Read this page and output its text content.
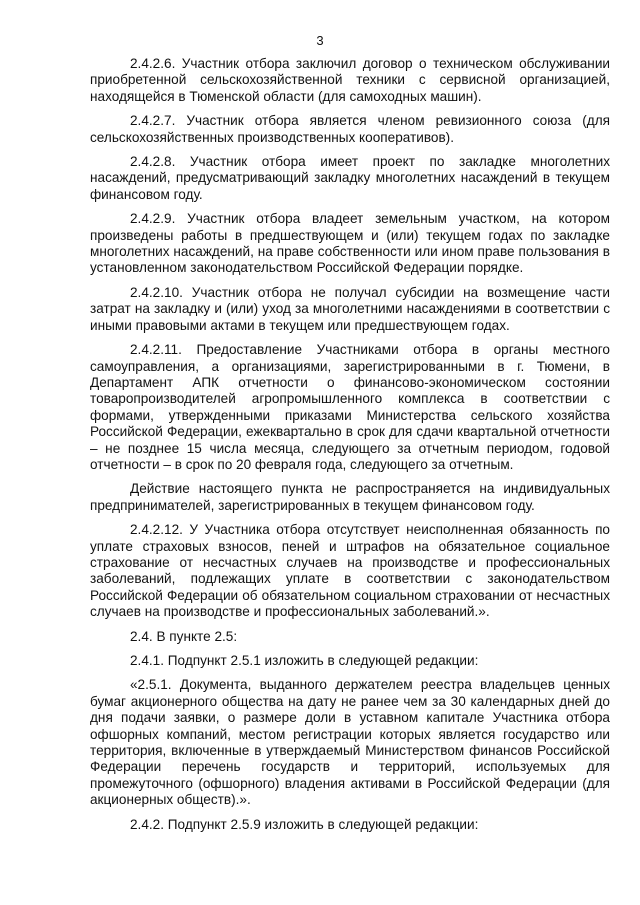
3

2.4.2.6. Участник отбора заключил договор о техническом обслуживании приобретенной сельскохозяйственной техники с сервисной организацией, находящейся в Тюменской области (для самоходных машин).

2.4.2.7. Участник отбора является членом ревизионного союза (для сельскохозяйственных производственных кооперативов).

2.4.2.8. Участник отбора имеет проект по закладке многолетних насаждений, предусматривающий закладку многолетних насаждений в текущем финансовом году.

2.4.2.9. Участник отбора владеет земельным участком, на котором произведены работы в предшествующем и (или) текущем годах по закладке многолетних насаждений, на праве собственности или ином праве пользования в установленном законодательством Российской Федерации порядке.

2.4.2.10. Участник отбора не получал субсидии на возмещение части затрат на закладку и (или) уход за многолетними насаждениями в соответствии с иными правовыми актами в текущем или предшествующем годах.

2.4.2.11. Предоставление Участниками отбора в органы местного самоуправления, а организациями, зарегистрированными в г. Тюмени, в Департамент АПК отчетности о финансово-экономическом состоянии товаропроизводителей агропромышленного комплекса в соответствии с формами, утвержденными приказами Министерства сельского хозяйства Российской Федерации, ежеквартально в срок для сдачи квартальной отчетности – не позднее 15 числа месяца, следующего за отчетным периодом, годовой отчетности – в срок по 20 февраля года, следующего за отчетным.

Действие настоящего пункта не распространяется на индивидуальных предпринимателей, зарегистрированных в текущем финансовом году.

2.4.2.12. У Участника отбора отсутствует неисполненная обязанность по уплате страховых взносов, пеней и штрафов на обязательное социальное страхование от несчастных случаев на производстве и профессиональных заболеваний, подлежащих уплате в соответствии с законодательством Российской Федерации об обязательном социальном страховании от несчастных случаев на производстве и профессиональных заболеваний.».

2.4. В пункте 2.5:

2.4.1. Подпункт 2.5.1 изложить в следующей редакции:

«2.5.1. Документа, выданного держателем реестра владельцев ценных бумаг акционерного общества на дату не ранее чем за 30 календарных дней до дня подачи заявки, о размере доли в уставном капитале Участника отбора офшорных компаний, местом регистрации которых является государство или территория, включенные в утверждаемый Министерством финансов Российской Федерации перечень государств и территорий, используемых для промежуточного (офшорного) владения активами в Российской Федерации (для акционерных обществ).».

2.4.2. Подпункт 2.5.9 изложить в следующей редакции:
